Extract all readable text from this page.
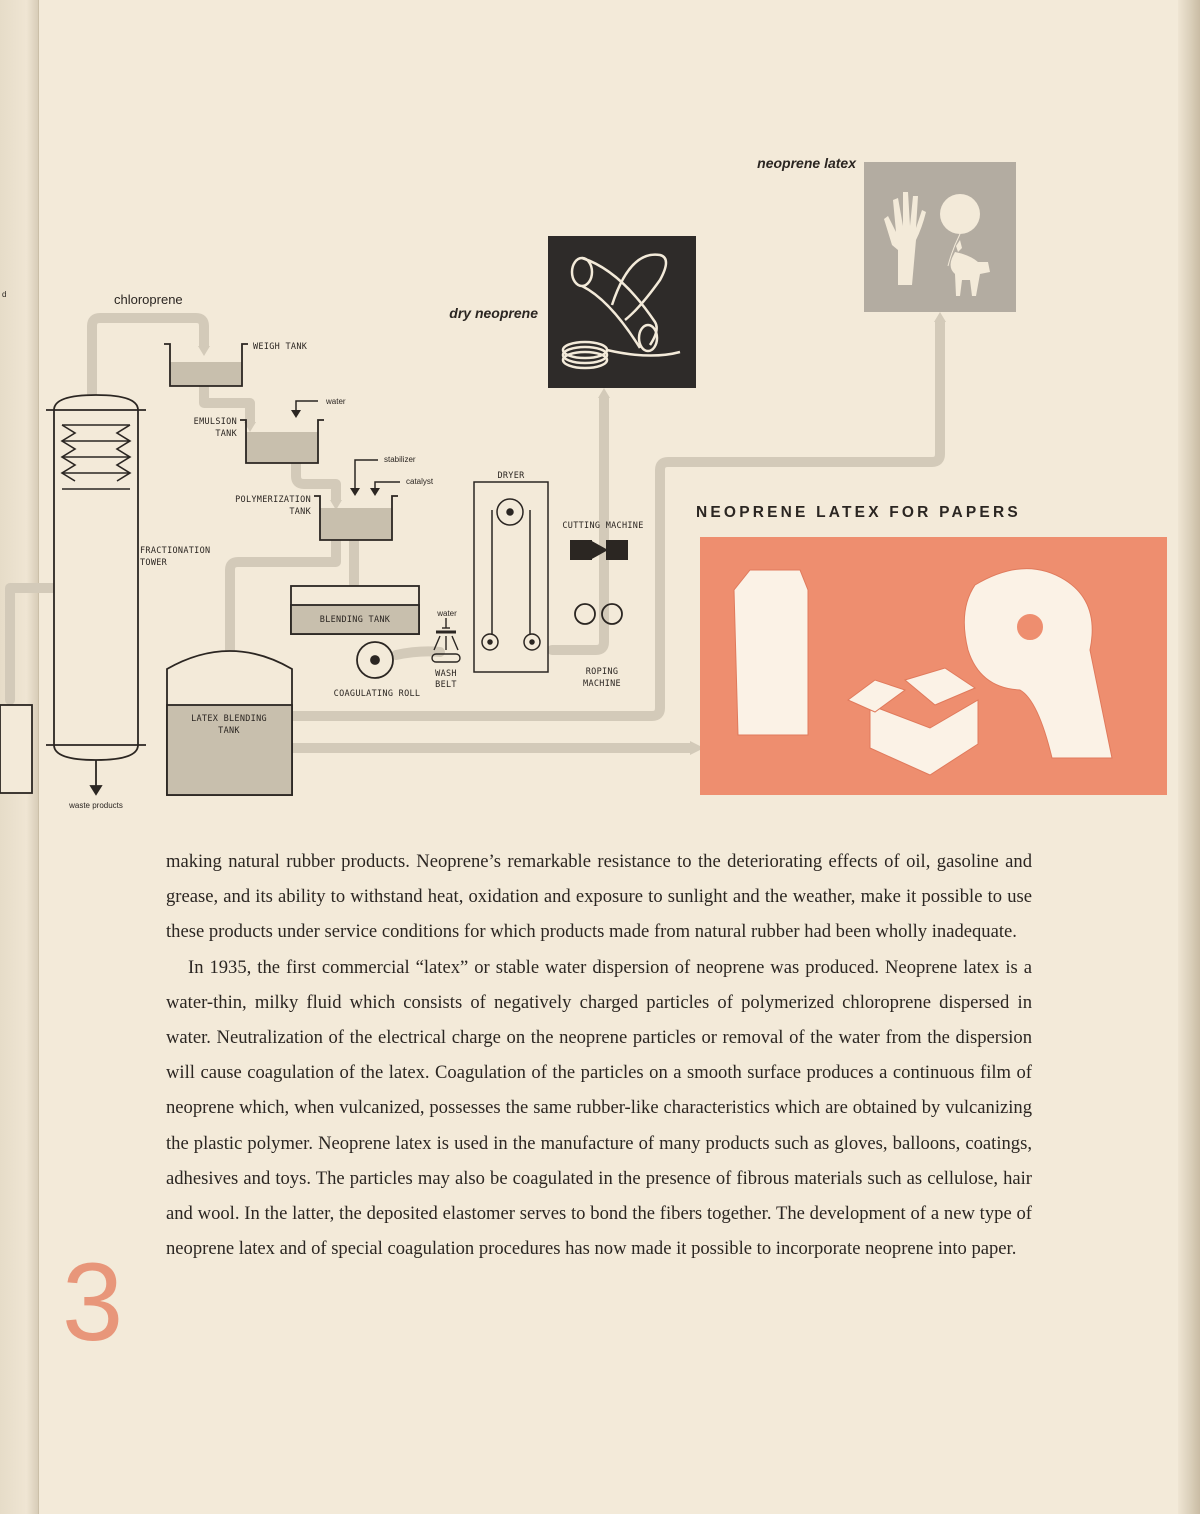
d	chloroprene
WEIGH TANK
water
EMULSION
TANK
stabilizer
catalyst
POLYMERIZATION
TANK
FRACTIONATION
TOWER
BLENDING TANK
water
WASH
BELT
COAGULATING ROLL
LATEX BLENDING
TANK
waste products
DRYER
CUTTING MACHINE
ROPING
MACHINE
dry neoprene
neoprene latex
NEOPRENE LATEX FOR PAPERS

making natural rubber products. Neoprene’s remarkable resistance to the deteriorating effects of oil, gasoline and grease, and its ability to withstand heat, oxidation and exposure to sunlight and the weather, make it possible to use these products under service conditions for which products made from natural rubber had been wholly inadequate.

In 1935, the first commercial “latex” or stable water dispersion of neoprene was produced. Neoprene latex is a water-thin, milky fluid which consists of negatively charged particles of polymerized chloroprene dispersed in water. Neutralization of the electrical charge on the neoprene particles or removal of the water from the dispersion will cause coagulation of the latex. Coagulation of the particles on a smooth surface produces a continuous film of neoprene which, when vulcanized, possesses the same rubber-like characteristics which are obtained by vulcanizing the plastic polymer. Neoprene latex is used in the manufacture of many products such as gloves, balloons, coatings, adhesives and toys. The particles may also be coagulated in the presence of fibrous materials such as cellulose, hair and wool. In the latter, the deposited elastomer serves to bond the fibers together. The development of a new type of neoprene latex and of special coagulation procedures has now made it possible to incorporate neoprene into paper.

3
